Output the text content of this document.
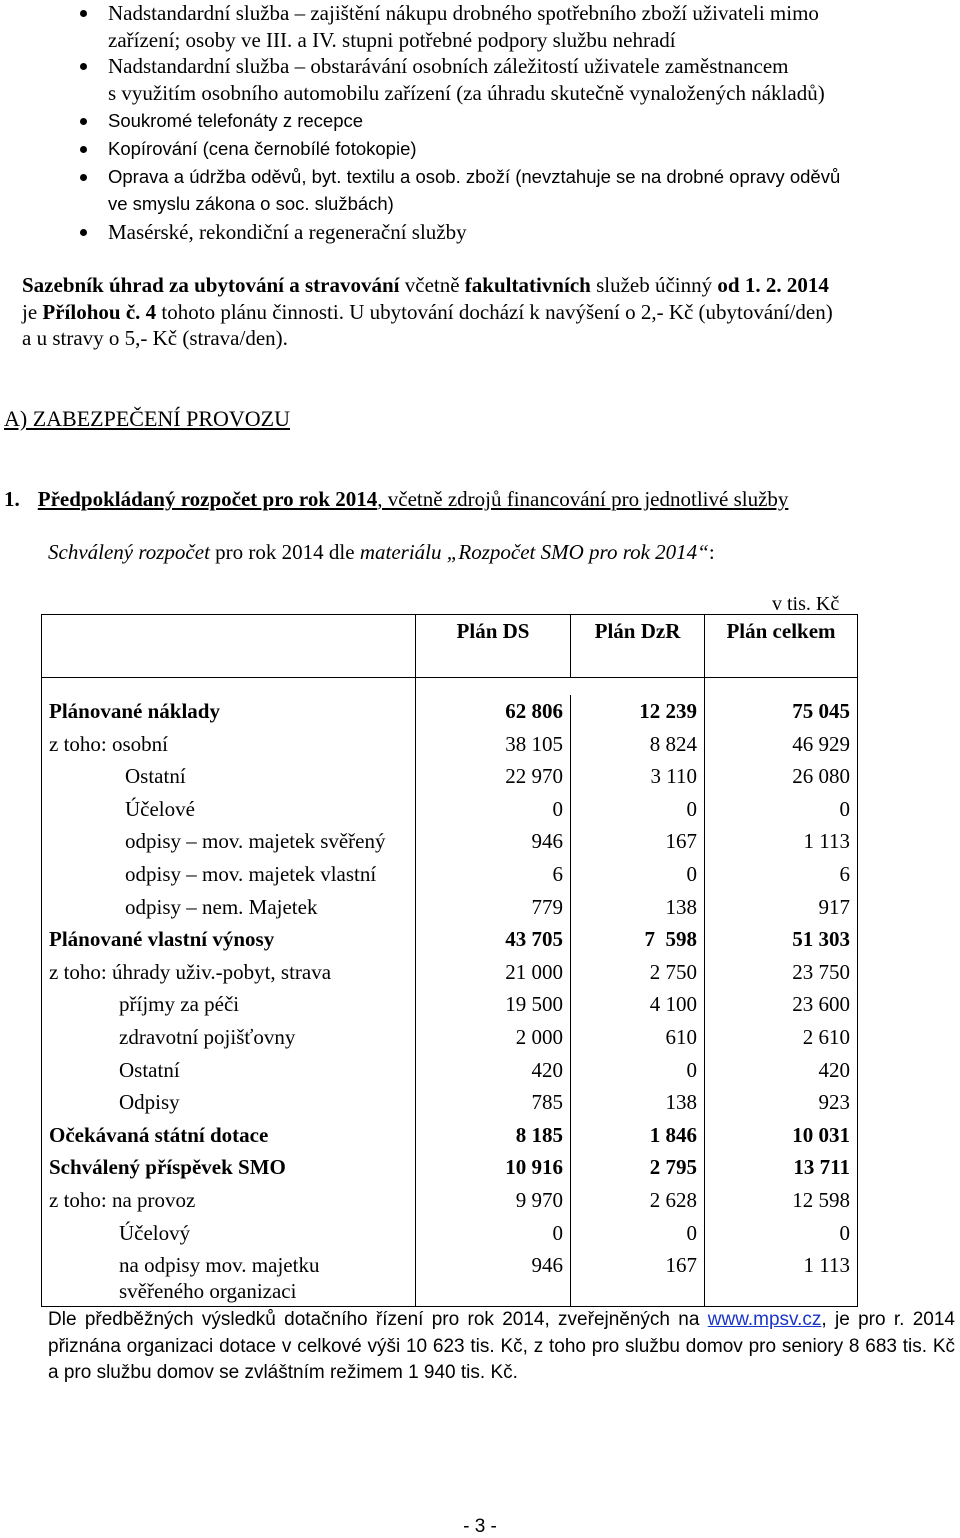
Nadstandardní služba – zajištění nákupu drobného spotřebního zboží uživateli mimo
zařízení; osoby ve III. a IV. stupni potřebné podpory službu nehradí
Nadstandardní služba – obstarávání osobních záležitostí uživatele zaměstnancem
s využitím osobního automobilu zařízení (za úhradu skutečně vynaložených nákladů)
Soukromé telefonáty z recepce
Kopírování (cena černobílé fotokopie)
Oprava a údržba oděvů, byt. textilu a osob. zboží (nevztahuje se na drobné opravy oděvů
ve smyslu zákona o soc. službách)
Masérské, rekondiční a regenerační služby
Sazebník úhrad za ubytování a stravování včetně fakultativních služeb účinný od 1. 2. 2014
je Přílohou č. 4 tohoto plánu činnosti. U ubytování dochází k navýšení o 2,- Kč (ubytování/den)
a u stravy o 5,- Kč (strava/den).
A) ZABEZPEČENÍ PROVOZU
1. Předpokládaný rozpočet pro rok 2014, včetně zdrojů financování pro jednotlivé služby
Schválený rozpočet pro rok 2014 dle materiálu „Rozpočet SMO pro rok 2014“:
v tis. Kč
	Plán DS	Plán DzR	Plán celkem

Plánované náklady	62 806	12 239	75 045
z toho: osobní	38 105	8 824	46 929
Ostatní	22 970	3 110	26 080
Účelové	0	0	0
odpisy – mov. majetek svěřený	946	167	1 113
odpisy – mov. majetek vlastní	6	0	6
odpisy – nem. Majetek	779	138	917
Plánované vlastní výnosy	43 705	7  598	51 303
z toho: úhrady uživ.-pobyt, strava	21 000	2 750	23 750
příjmy za péči	19 500	4 100	23 600
zdravotní pojišťovny	2 000	610	2 610
Ostatní	420	0	420
Odpisy	785	138	923
Očekávaná státní dotace	8 185	1 846	10 031
Schválený příspěvek SMO	10 916	2 795	13 711
z toho: na provoz	9 970	2 628	12 598
Účelový	0	0	0

na odpisy mov. majetku
svěřeného organizaci	946	167	1 113
Dle předběžných výsledků dotačního řízení pro rok 2014, zveřejněných na www.mpsv.cz, je pro r. 2014 přiznána organizaci dotace v celkové výši 10 623 tis. Kč, z toho pro službu domov pro seniory 8 683 tis. Kč a pro službu domov se zvláštním režimem 1 940 tis. Kč.
- 3 -
